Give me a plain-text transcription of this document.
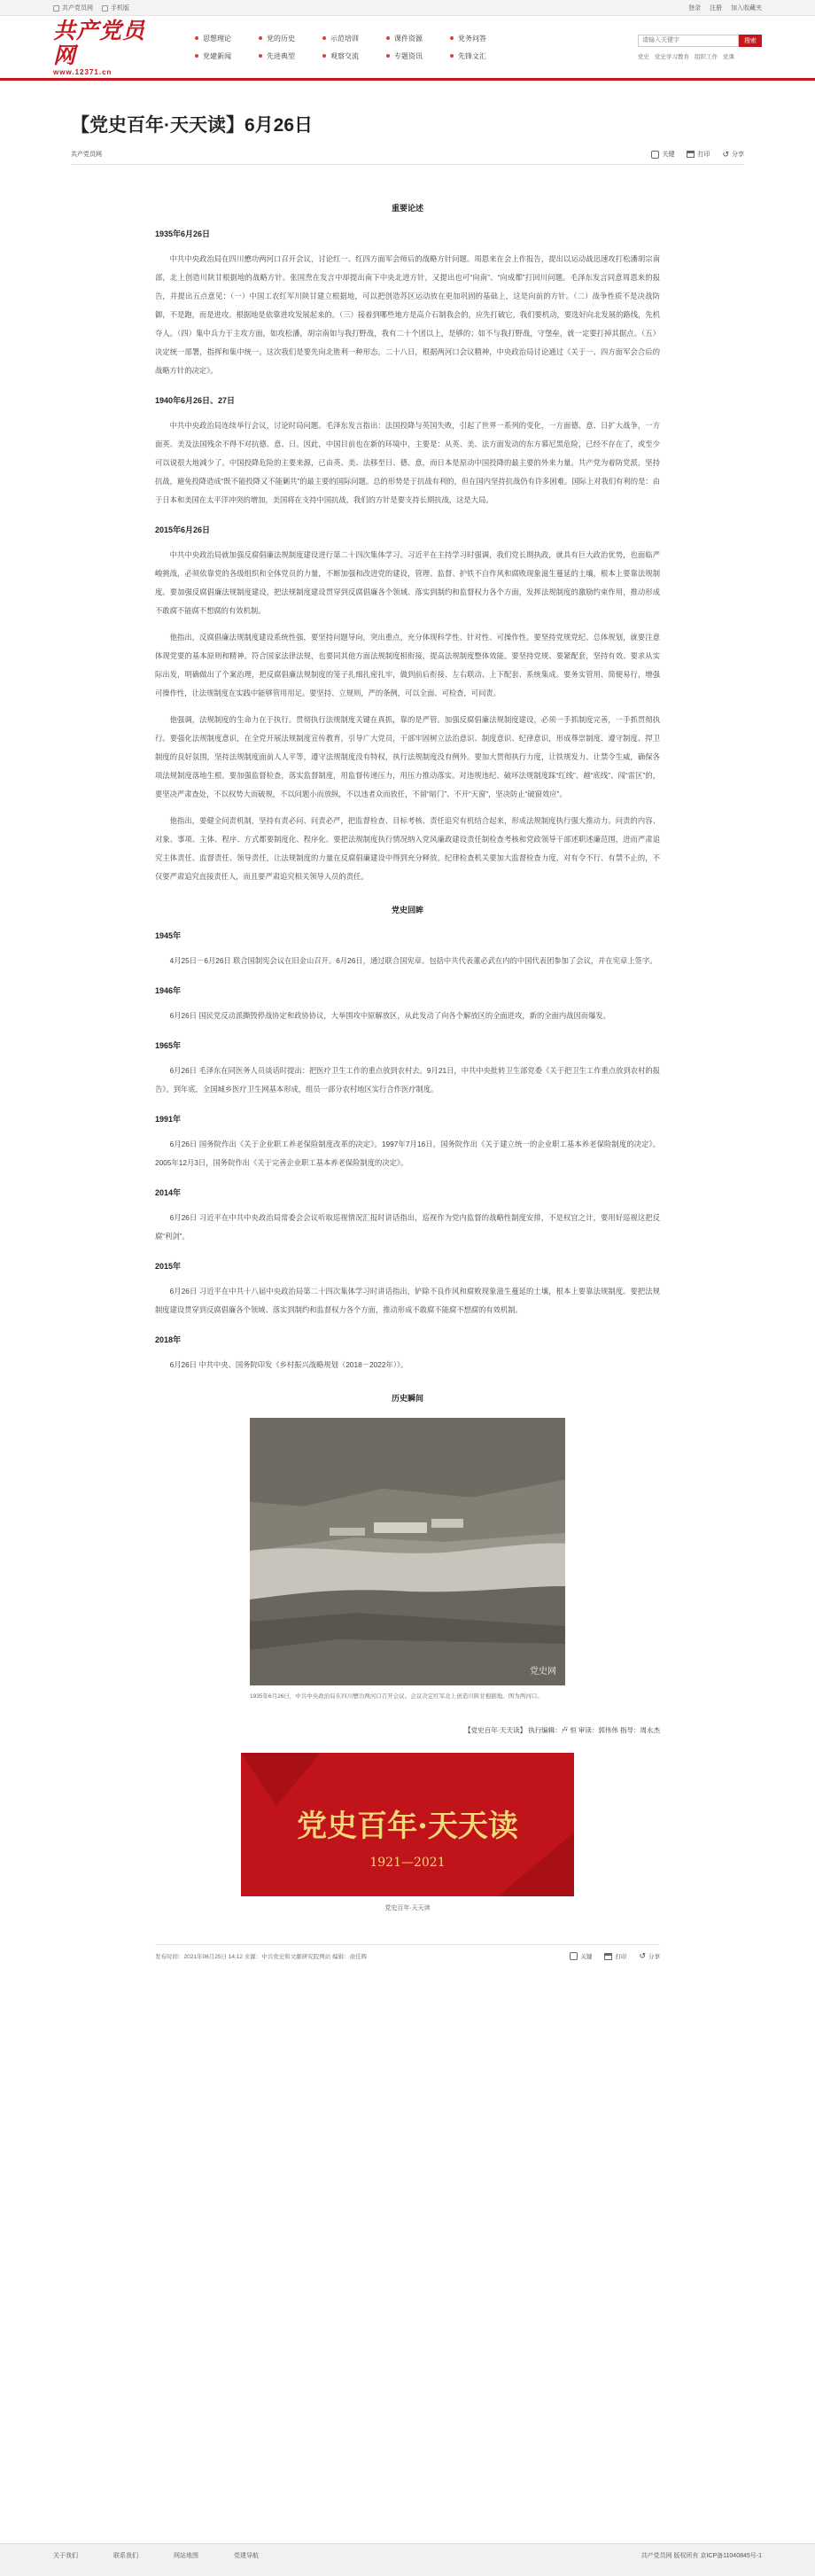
共产党员网	手机版	登录 注册 加入收藏夹
共产党员网
www.12371.cn
思想理论
党建新闻
党的历史
先进典型
示范培训
观察交流
课件资源
专题资讯
党务问答
先锋文汇
请输入关键字
搜索
党史 党史学习教育 组织工作 党课
【党史百年·天天读】6月26日
共产党员网	关键	打印 ↺ 分享
重要论述
1935年6月26日

中共中央政治局在四川懋功两河口召开会议，讨论红一、红四方面军会师后的战略方针问题。周恩来在会上作报告，提出以运动战迅速攻打松潘胡宗南部，北上创造川陕甘根据地的战略方针。张国焘在发言中却提出南下中央北进方针，又提出也可“向南”、“向成都”打回川问题。毛泽东发言同意周恩来的报告，并提出五点意见：（一）中国工农红军川陕甘建立根据地，可以把创造苏区运动放在更加巩固的基础上，这是向前的方针。（二）战争性质不是决战防御，不是跑，而是进攻。根据地是依靠进攻发展起来的。（三）接着到哪些地方是高介石制我会的，应先打破它，我们要机动，要选好向北发展的路线，先机夺人。（四）集中兵力于主攻方面，如攻松潘，胡宗南如与我打野战，我有二十个团以上，是够的；如不与我打野战，守堡垒，就一定要打掉其据点。（五）决定统一部署，指挥和集中统一。这次我们是要先向北胜利一种形态。二十八日，根据两河口会议精神，中央政治局讨论通过《关于一、四方面军会合后的战略方针的决定》。

1940年6月26日、27日

中共中央政治局连续举行会议，讨论时局问题。毛泽东发言指出：法国投降与英国失败，引起了世界一系列的变化，一方面德、意、日扩大战争，一方面英、美及法国残余不得不对抗德、意、日。因此，中国目前也在新的环境中，主要是：从英、美、法方面发动的东方慕尼黑危险，已经不存在了，或至少可以说很大地减少了。中国投降危险的主要来源，已由英、美、法移至日、德、意，而日本是原动中国投降的最主要的外来力量。共产党为着防党派，坚持抗战，避免投降造成“既不能投降又不能剿共”的最主要的国际问题。总的形势是于抗战有利的，但在国内坚持抗战仍有许多困难。国际上对我们有利的是：由于日本和美国在太平洋冲突的增加，美国将在支持中国抗战，我们的方针是要支持长期抗战，这是大局。

2015年6月26日

中共中央政治局就加强反腐倡廉法规制度建设进行第二十四次集体学习。习近平在主持学习时强调，我们党长期执政，就具有巨大政治优势，也面临严峻挑战，必须依靠党的各级组织和全体党员的力量，不断加强和改进党的建设，管理、监督、护铁不自作风和腐败现象滋生蔓延的土壤，根本上要靠法规制度。要加强反腐倡廉法规制度建设，把法规制度建设贯穿到反腐倡廉各个领域、落实到制约和监督权力各个方面，发挥法规制度的激励约束作用，推动形成不敢腐不能腐不想腐的有效机制。

他指出，反腐倡廉法规制度建设系统性强，要坚持问题导向，突出重点，充分体现科学性、针对性、可操作性。要坚持党规党纪、总体规划，就要注意体现党要的基本原则和精神。符合国家法律法规，也要同其他方面法规制度相衔接，提高法规制度整体效能。要坚持党规、要紧配套，坚持有效、要求从实际出发，明确做出了个案治理，把反腐倡廉法规制度的笼子扎细扎密扎牢，做到前后衔接、左右联动、上下配套、系统集成。要务实管用、简便易行，增强可操作性，让法规制度在实践中能够管用用足。要坚持、立规则，严的条例，可以全面、可检查，可问责。

他强调，法规制度的生命力在于执行。贯彻执行法规制度关键在真抓，靠的是严管。加强反腐倡廉法规制度建设，必须一手抓制度完善，一手抓贯彻执行。要强化法规制度意识，在全党开展法规制度宣传教育，引导广大党员，干部牢固树立法治意识、制度意识、纪律意识，形成尊崇制度、遵守制度、捍卫制度的良好氛围，坚持法规制度面前人人平等，遵守法规制度没有特权，执行法规制度没有例外。要加大贯彻执行力度，让铁规发力、让禁令生威，确保各项法规制度落地生根。要加强监督检查，落实监督制度，用监督传递压力，用压力推动落实。对违规违纪、破坏法规制度踩“红线”、越“底线”、闯“雷区”的，要坚决严肃查处，不以权势大而破规，不以问题小而放纵，不以违者众而放任，不留“暗门”、不开“天窗”，坚决防止“破窗效应”。

他指出，要健全问责机制，坚持有责必问、问责必严，把监督检查、目标考核、责任追究有机结合起来，形成法规制度执行强大推动力。问责的内容、对象、事项、主体、程序、方式都要制度化、程序化。要把法规制度执行情况纳入党风廉政建设责任制检查考核和党政领导干部述职述廉范围，进而严肃追究主体责任、监督责任、领导责任，让法规制度的力量在反腐倡廉建设中得到充分释放。纪律检查机关要加大监督检查力度，对有令不行、有禁不止的，不仅要严肃追究直接责任人，而且要严肃追究相关领导人员的责任。

党史回眸
1945年

4月25日－6月26日 联合国制宪会议在旧金山召开。6月26日，通过联合国宪章。包括中共代表董必武在内的中国代表团参加了会议，并在宪章上签字。

1946年

6月26日 国民党反动派撕毁停战协定和政协协议，大举围攻中原解放区，从此发动了向各个解放区的全面进攻，新的全面内战因而爆发。

1965年

6月26日 毛泽东在同医务人员谈话时提出：把医疗卫生工作的重点放到农村去。9月21日，中共中央批转卫生部党委《关于把卫生工作重点放到农村的报告》。到年底，全国城乡医疗卫生网基本形成，组员一部分农村地区实行合作医疗制度。

1991年

6月26日 国务院作出《关于企业职工养老保险制度改革的决定》。1997年7月16日，国务院作出《关于建立统一的企业职工基本养老保险制度的决定》。2005年12月3日，国务院作出《关于完善企业职工基本养老保险制度的决定》。

2014年

6月26日 习近平在中共中央政治局常委会会议听取巡视情况汇报时讲话指出，巡视作为党内监督的战略性制度安排，不是权宜之计，要用好巡视这把反腐“利剑”。

2015年

6月26日 习近平在中共十八届中央政治局第二十四次集体学习时讲话指出，铲除不良作风和腐败现象滋生蔓延的土壤，根本上要靠法规制度。要把法规制度建设贯穿到反腐倡廉各个领域、落实到制约和监督权力各个方面，推动形成不敢腐不能腐不想腐的有效机制。

2018年

6月26日 中共中央、国务院印发《乡村振兴战略规划（2018－2022年）》。

历史瞬间
党史网
1935年6月26日，中共中央政治局在四川懋功两河口召开会议。会议决定红军北上创造川陕甘根据地。图为两河口。
【党史百年·天天读】 执行编辑：卢 恒 审读：郭伟伟 指导：周永杰
党史百年·天天读
1921—2021
党史百年·天天读
发布时间：2021年06月25日 14:12 来源：中共党史和文献研究院网站 编辑：俞佳辉	关键	打印 ↺ 分享
关于我们	联系我们	网站地图	党建导航	共产党员网 版权所有 京ICP备11040845号-1
